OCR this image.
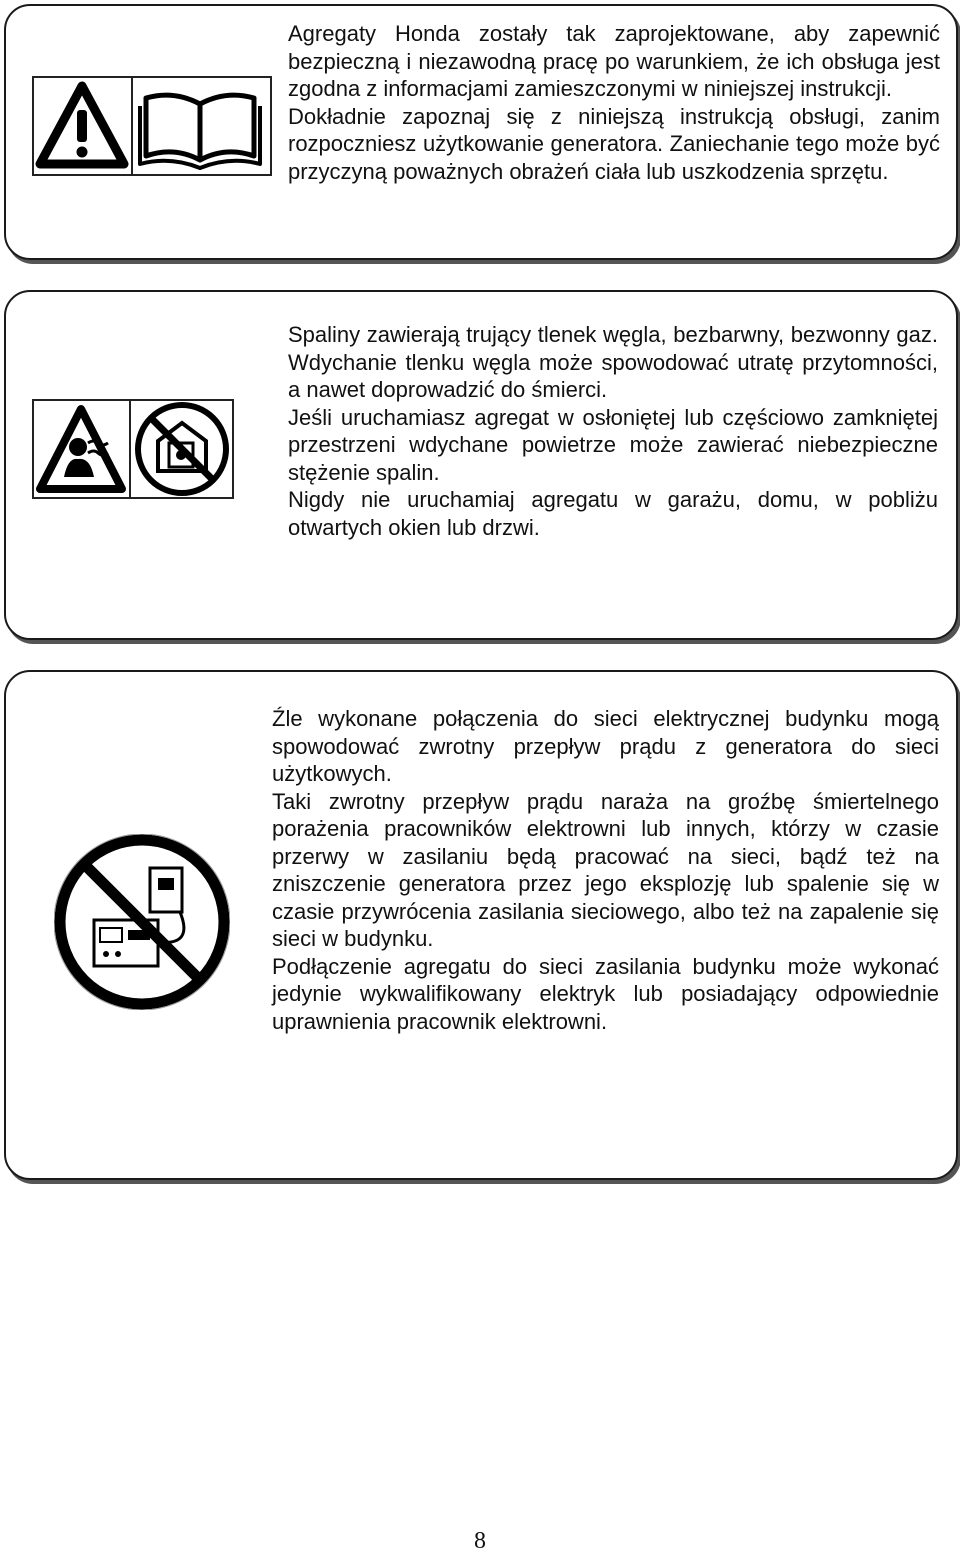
Agregaty Honda zostały tak zaprojektowane, aby zapewnić bezpieczną i niezawodną pracę po warunkiem, że ich obsługa jest zgodna z informacjami zamieszczonymi w niniejszej instrukcji.

Dokładnie zapoznaj się z niniejszą instrukcją obsługi, zanim rozpoczniesz użytkowanie generatora. Zaniechanie tego może być przyczyną poważnych obrażeń ciała lub uszkodzenia sprzętu.

Spaliny zawierają trujący tlenek węgla, bezbarwny, bezwonny gaz. Wdychanie tlenku węgla może spowodować utratę przytomności, a nawet doprowadzić do śmierci.

Jeśli uruchamiasz agregat w osłoniętej lub częściowo zamkniętej przestrzeni wdychane powietrze może zawierać niebezpieczne stężenie spalin.

Nigdy nie uruchamiaj agregatu w garażu, domu, w pobliżu otwartych okien lub drzwi.

Źle wykonane połączenia do sieci elektrycznej budynku mogą spowodować zwrotny przepływ prądu z generatora do sieci użytkowych.

Taki zwrotny przepływ prądu naraża na groźbę śmiertelnego porażenia pracowników elektrowni lub innych, którzy w czasie przerwy w zasilaniu będą pracować na sieci, bądź też na zniszczenie generatora przez jego eksplozję lub spalenie się w czasie przywrócenia zasilania sieciowego, albo też na zapalenie się sieci w budynku.

Podłączenie agregatu do sieci zasilania budynku może wykonać jedynie wykwalifikowany elektryk lub posiadający odpowiednie uprawnienia pracownik elektrowni.

8
